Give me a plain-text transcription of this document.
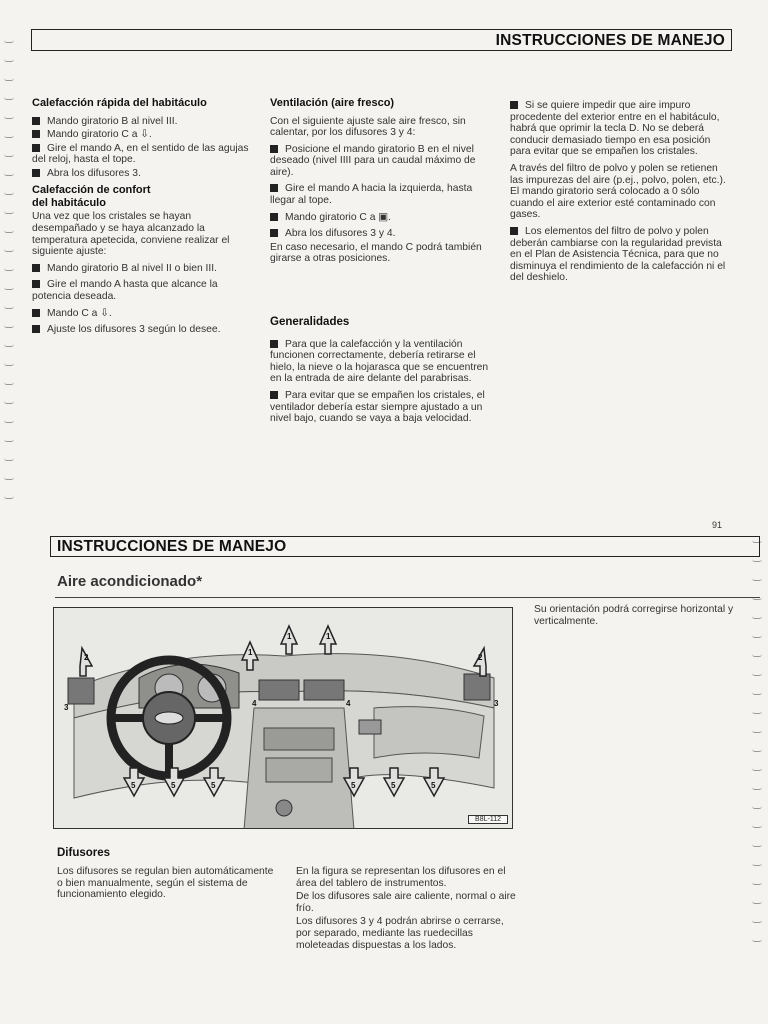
INSTRUCCIONES DE MANEJO
Calefacción rápida del habitáculo

Mando giratorio B al nivel III.

Mando giratorio C a ⇩.

Gire el mando A, en el sentido de las agujas del reloj, hasta el tope.

Abra los difusores 3.

Calefacción de confort
del habitáculo

Una vez que los cristales se hayan desempañado y se haya alcanzado la temperatura apetecida, conviene realizar el siguiente ajuste:

Mando giratorio B al nivel II o bien III.

Gire el mando A hasta que alcance la potencia deseada.

Mando C a ⇩.

Ajuste los difusores 3 según lo desee.

Ventilación (aire fresco)

Con el siguiente ajuste sale aire fresco, sin calentar, por los difusores 3 y 4:

Posicione el mando giratorio B en el nivel deseado (nivel IIII para un caudal máximo de aire).

Gire el mando A hacia la izquierda, hasta llegar al tope.

Mando giratorio C a ▣.

Abra los difusores 3 y 4.

En caso necesario, el mando C podrá también girarse a otras posiciones.

Generalidades

Para que la calefacción y la ventilación funcionen correctamente, debería retirarse el hielo, la nieve o la hojarasca que se encuentren en la entrada de aire delante del parabrisas.

Para evitar que se empañen los cristales, el ventilador debería estar siempre ajustado a un nivel bajo, cuando se vaya a baja velocidad.

Si se quiere impedir que aire impuro procedente del exterior entre en el habitáculo, habrá que oprimir la tecla D. No se deberá conducir demasiado tiempo en esa posición para evitar que se empañen los cristales.

A través del filtro de polvo y polen se retienen las impurezas del aire (p.ej., polvo, polen, etc.). El mando giratorio será colocado a 0 sólo cuando el aire exterior esté contaminado con gases.

Los elementos del filtro de polvo y polen deberán cambiarse con la regularidad prevista en el Plan de Asistencia Técnica, para que no disminuya el rendimiento de la calefacción ni el del deshielo.

91
INSTRUCCIONES DE MANEJO
Aire acondicionado*
Su orientación podrá corregirse horizontal y verticalmente.
1
1	1
2	2
3	3
4	4
5	5	5	5	5	5
B8L-112
Difusores
Los difusores se regulan bien automáticamente o bien manualmente, según el sistema de funcionamiento elegido.

En la figura se representan los difusores en el área del tablero de instrumentos.

De los difusores sale aire caliente, normal o aire frío.

Los difusores 3 y 4 podrán abrirse o cerrarse, por separado, mediante las ruedecillas moleteadas dispuestas a los lados.
